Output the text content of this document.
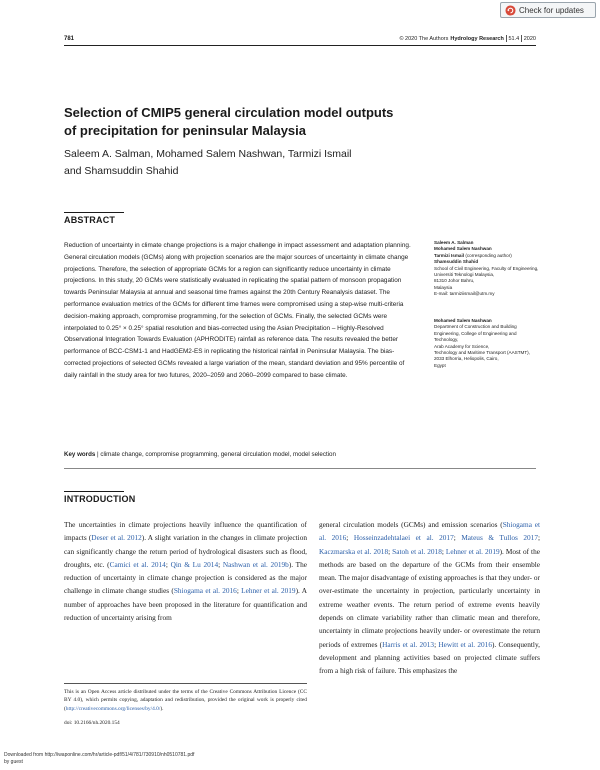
Check for updates
781	© 2020 The Authors Hydrology Research 51.4 2020
Selection of CMIP5 general circulation model outputs
of precipitation for peninsular Malaysia
Saleem A. Salman, Mohamed Salem Nashwan, Tarmizi Ismail
and Shamsuddin Shahid
ABSTRACT
Reduction of uncertainty in climate change projections is a major challenge in impact assessment and adaptation planning. General circulation models (GCMs) along with projection scenarios are the major sources of uncertainty in climate change projections. Therefore, the selection of appropriate GCMs for a region can significantly reduce uncertainty in climate projections. In this study, 20 GCMs were statistically evaluated in replicating the spatial pattern of monsoon propagation towards Peninsular Malaysia at annual and seasonal time frames against the 20th Century Reanalysis dataset. The performance evaluation metrics of the GCMs for different time frames were compromised using a step-wise multi-criteria decision-making approach, compromise programming, for the selection of GCMs. Finally, the selected GCMs were interpolated to 0.25° × 0.25° spatial resolution and bias-corrected using the Asian Precipitation – Highly-Resolved Observational Integration Towards Evaluation (APHRODITE) rainfall as reference data. The results revealed the better performance of BCC-CSM1-1 and HadGEM2-ES in replicating the historical rainfall in Peninsular Malaysia. The bias-corrected projections of selected GCMs revealed a large variation of the mean, standard deviation and 95% percentile of daily rainfall in the study area for two futures, 2020–2059 and 2060–2099 compared to base climate.
Key words | climate change, compromise programming, general circulation model, model selection
Saleem A. Salman
Mohamed Salem Nashwan
Tarmizi Ismail (corresponding author)
Shamsuddin Shahid
School of Civil Engineering, Faculty of Engineering,
Universiti Teknologi Malaysia,
81310 Johor Bahru,
Malaysia
E-mail: tarmiziismail@utm.my
Mohamed Salem Nashwan
Department of Construction and Building
Engineering, College of Engineering and
Technology,
Arab Academy for Science,
Technology and Maritime Transport (AASTMT),
2033 Elhorria, Heliopolis, Cairo,
Egypt
INTRODUCTION
The uncertainties in climate projections heavily influence the quantification of impacts (Deser et al. 2012). A slight variation in the changes in climate projection can significantly change the return period of hydrological disasters such as flood, droughts, etc. (Camici et al. 2014; Qin & Lu 2014; Nashwan et al. 2019b). The reduction of uncertainty in climate change projection is considered as the major challenge in climate change studies (Shiogama et al. 2016; Lehner et al. 2019). A number of approaches have been proposed in the literature for quantification and reduction of uncertainty arising from
general circulation models (GCMs) and emission scenarios (Shiogama et al. 2016; Hosseinzadehtalaei et al. 2017; Mateus & Tullos 2017; Kaczmarska et al. 2018; Satoh et al. 2018; Lehner et al. 2019). Most of the methods are based on the departure of the GCMs from their ensemble mean. The major disadvantage of existing approaches is that they under- or over-estimate the uncertainty in projection, particularly uncertainty in extreme weather events. The return period of extreme events heavily depends on climate variability rather than climatic mean and therefore, uncertainty in climate projections heavily under- or overestimate the return periods of extremes (Harris et al. 2013; Hewitt et al. 2016). Consequently, development and planning activities based on projected climate suffers from a high risk of failure. This emphasizes the
This is an Open Access article distributed under the terms of the Creative Commons Attribution Licence (CC BY 4.0), which permits copying, adaptation and redistribution, provided the original work is properly cited (http://creativecommons.org/licenses/by/4.0/).
doi: 10.2166/nh.2020.154
Downloaded from http://iwaponline.com/hr/article-pdf/51/4/781/730910/nh0510781.pdf
by guest
